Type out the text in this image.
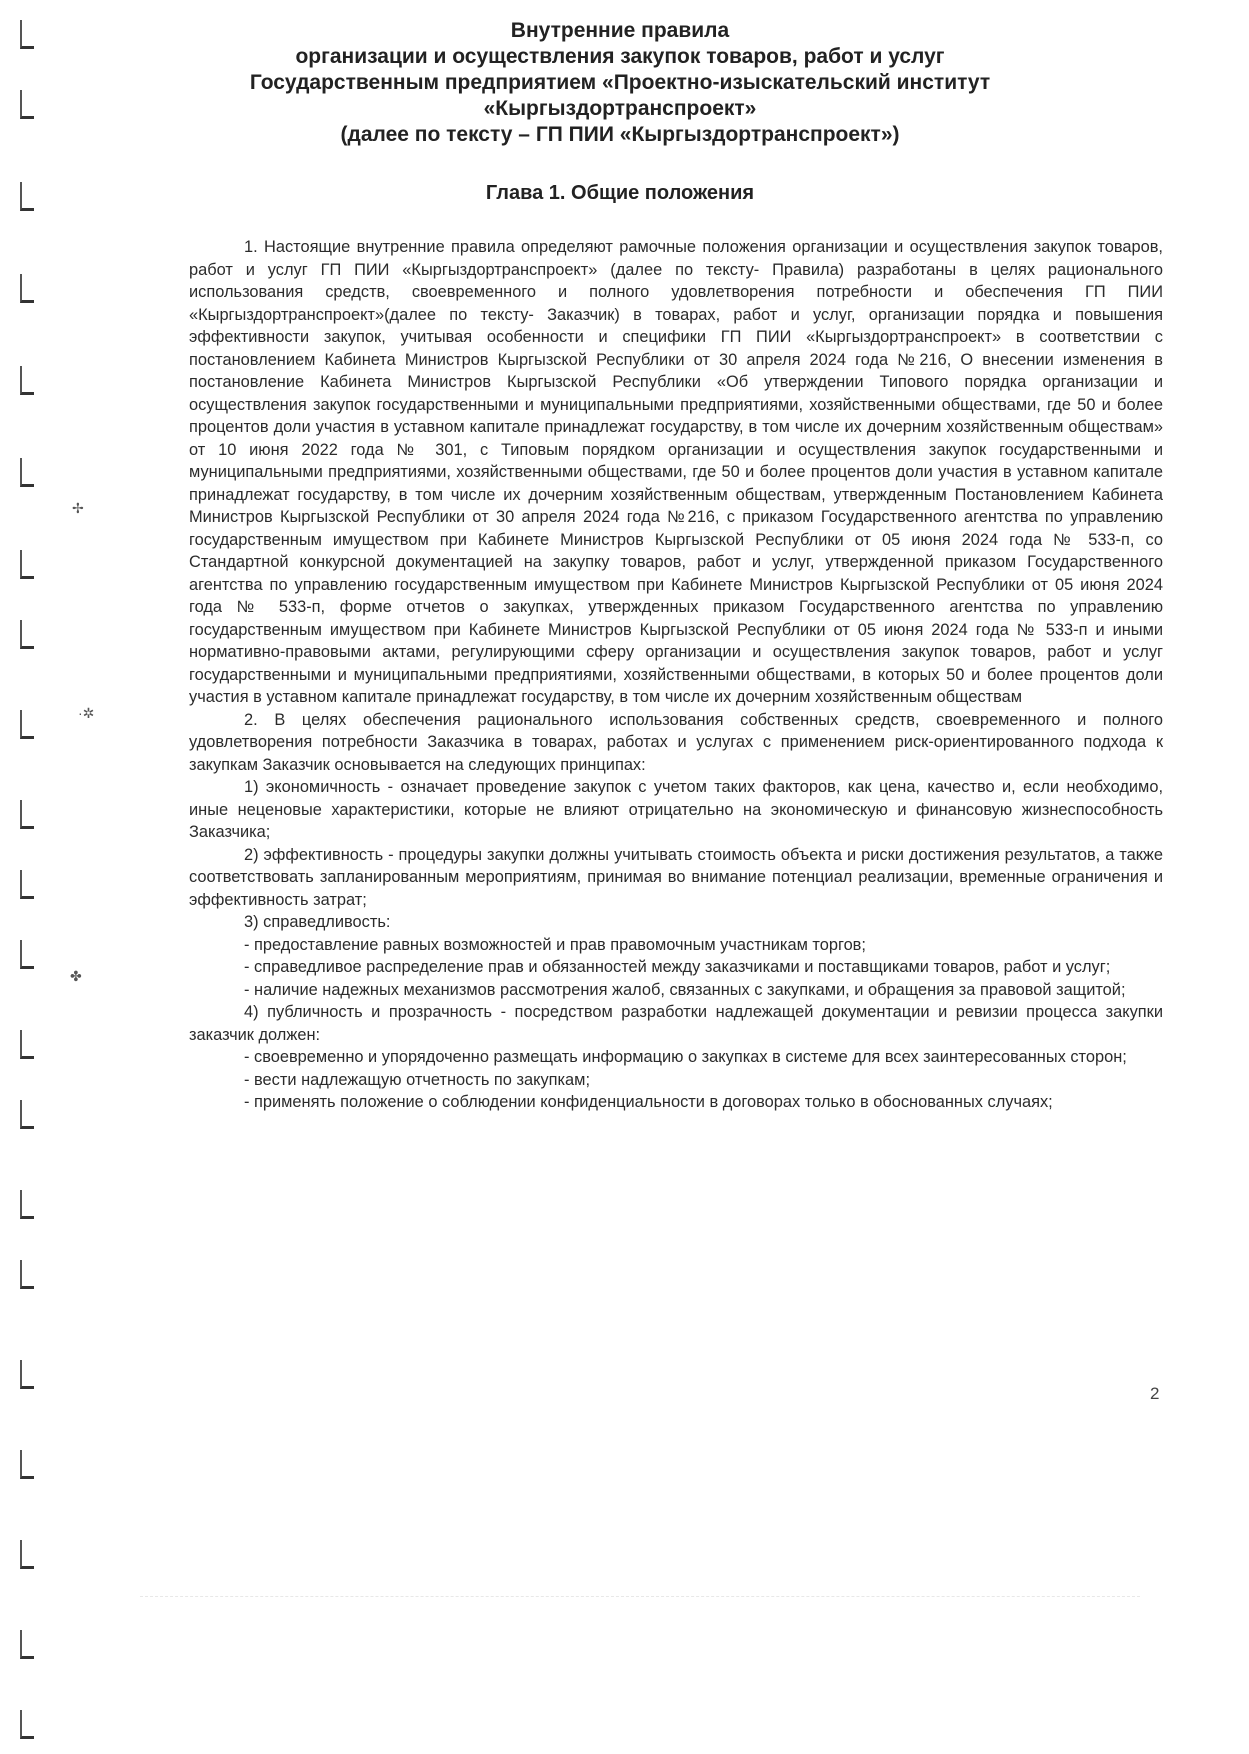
✢
·✲
✤
Внутренние правила
организации и осуществления закупок товаров, работ и услуг
Государственным предприятием «Проектно-изыскательский институт
«Кыргыздортранспроект»
(далее по тексту – ГП ПИИ «Кыргыздортранспроект»)
Глава 1. Общие положения

1. Настоящие внутренние правила определяют рамочные положения организации и осуществления закупок товаров, работ и услуг ГП ПИИ «Кыргыздортранспроект» (далее по тексту- Правила) разработаны в целях рационального использования средств, своевременного и полного удовлетворения потребности и обеспечения ГП ПИИ «Кыргыздортранспроект»(далее по тексту- Заказчик) в товарах, работ и услуг, организации порядка и повышения эффективности закупок, учитывая особенности и специфики ГП ПИИ «Кыргыздортранспроект» в соответствии с постановлением Кабинета Министров Кыргызской Республики от 30 апреля 2024 года №216, О внесении изменения в постановление Кабинета Министров Кыргызской Республики «Об утверждении Типового порядка организации и осуществления закупок государственными и муниципальными предприятиями, хозяйственными обществами, где 50 и более процентов доли участия в уставном капитале принадлежат государству, в том числе их дочерним хозяйственным обществам» от 10 июня 2022 года № 301, с Типовым порядком организации и осуществления закупок государственными и муниципальными предприятиями, хозяйственными обществами, где 50 и более процентов доли участия в уставном капитале принадлежат государству, в том числе их дочерним хозяйственным обществам, утвержденным Постановлением Кабинета Министров Кыргызской Республики от 30 апреля 2024 года №216, с приказом Государственного агентства по управлению государственным имуществом при Кабинете Министров Кыргызской Республики от 05 июня 2024 года № 533-п, со Стандартной конкурсной документацией на закупку товаров, работ и услуг, утвержденной приказом Государственного агентства по управлению государственным имуществом при Кабинете Министров Кыргызской Республики от 05 июня 2024 года № 533-п, форме отчетов о закупках, утвержденных приказом Государственного агентства по управлению государственным имуществом при Кабинете Министров Кыргызской Республики от 05 июня 2024 года № 533-п и иными нормативно-правовыми актами, регулирующими сферу организации и осуществления закупок товаров, работ и услуг государственными и муниципальными предприятиями, хозяйственными обществами, в которых 50 и более процентов доли участия в уставном капитале принадлежат государству, в том числе их дочерним хозяйственным обществам

2. В целях обеспечения рационального использования собственных средств, своевременного и полного удовлетворения потребности Заказчика в товарах, работах и услугах с применением риск-ориентированного подхода к закупкам Заказчик основывается на следующих принципах:

1) экономичность - означает проведение закупок с учетом таких факторов, как цена, качество и, если необходимо, иные неценовые характеристики, которые не влияют отрицательно на экономическую и финансовую жизнеспособность Заказчика;

2) эффективность - процедуры закупки должны учитывать стоимость объекта и риски достижения результатов, а также соответствовать запланированным мероприятиям, принимая во внимание потенциал реализации, временные ограничения и эффективность затрат;

3) справедливость:

- предоставление равных возможностей и прав правомочным участникам торгов;

- справедливое распределение прав и обязанностей между заказчиками и поставщиками товаров, работ и услуг;

- наличие надежных механизмов рассмотрения жалоб, связанных с закупками, и обращения за правовой защитой;

4) публичность и прозрачность - посредством разработки надлежащей документации и ревизии процесса закупки заказчик должен:

- своевременно и упорядоченно размещать информацию о закупках в системе для всех заинтересованных сторон;

- вести надлежащую отчетность по закупкам;

- применять положение о соблюдении конфиденциальности в договорах только в обоснованных случаях;

2
